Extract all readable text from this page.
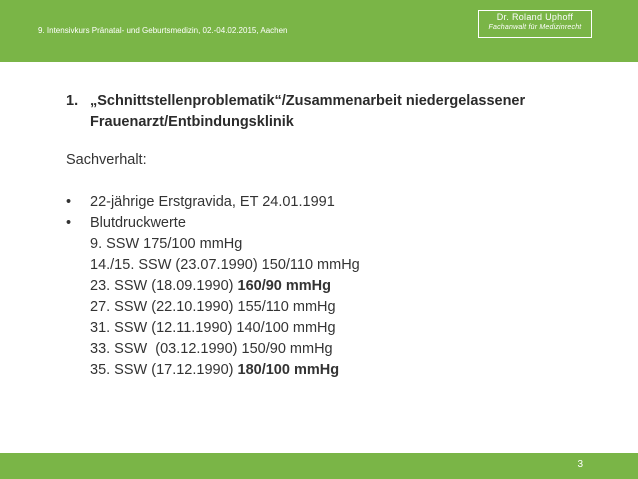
9. Intensivkurs Pränatal- und Geburtsmedizin, 02.-04.02.2015, Aachen
Dr. Roland Uphoff
Fachanwalt für Medizinrecht
1. „Schnittstellenproblematik“/Zusammenarbeit niedergelassener Frauenarzt/Entbindungsklinik

Sachverhalt:

• 22-jährige Erstgravida, ET 24.01.1991
• Blutdruckwerte
9. SSW 175/100 mmHg
14./15. SSW (23.07.1990) 150/110 mmHg
23. SSW (18.09.1990) 160/90 mmHg
27. SSW (22.10.1990) 155/110 mmHg
31. SSW (12.11.1990) 140/100 mmHg
33. SSW  (03.12.1990) 150/90 mmHg
35. SSW (17.12.1990) 180/100 mmHg
3
